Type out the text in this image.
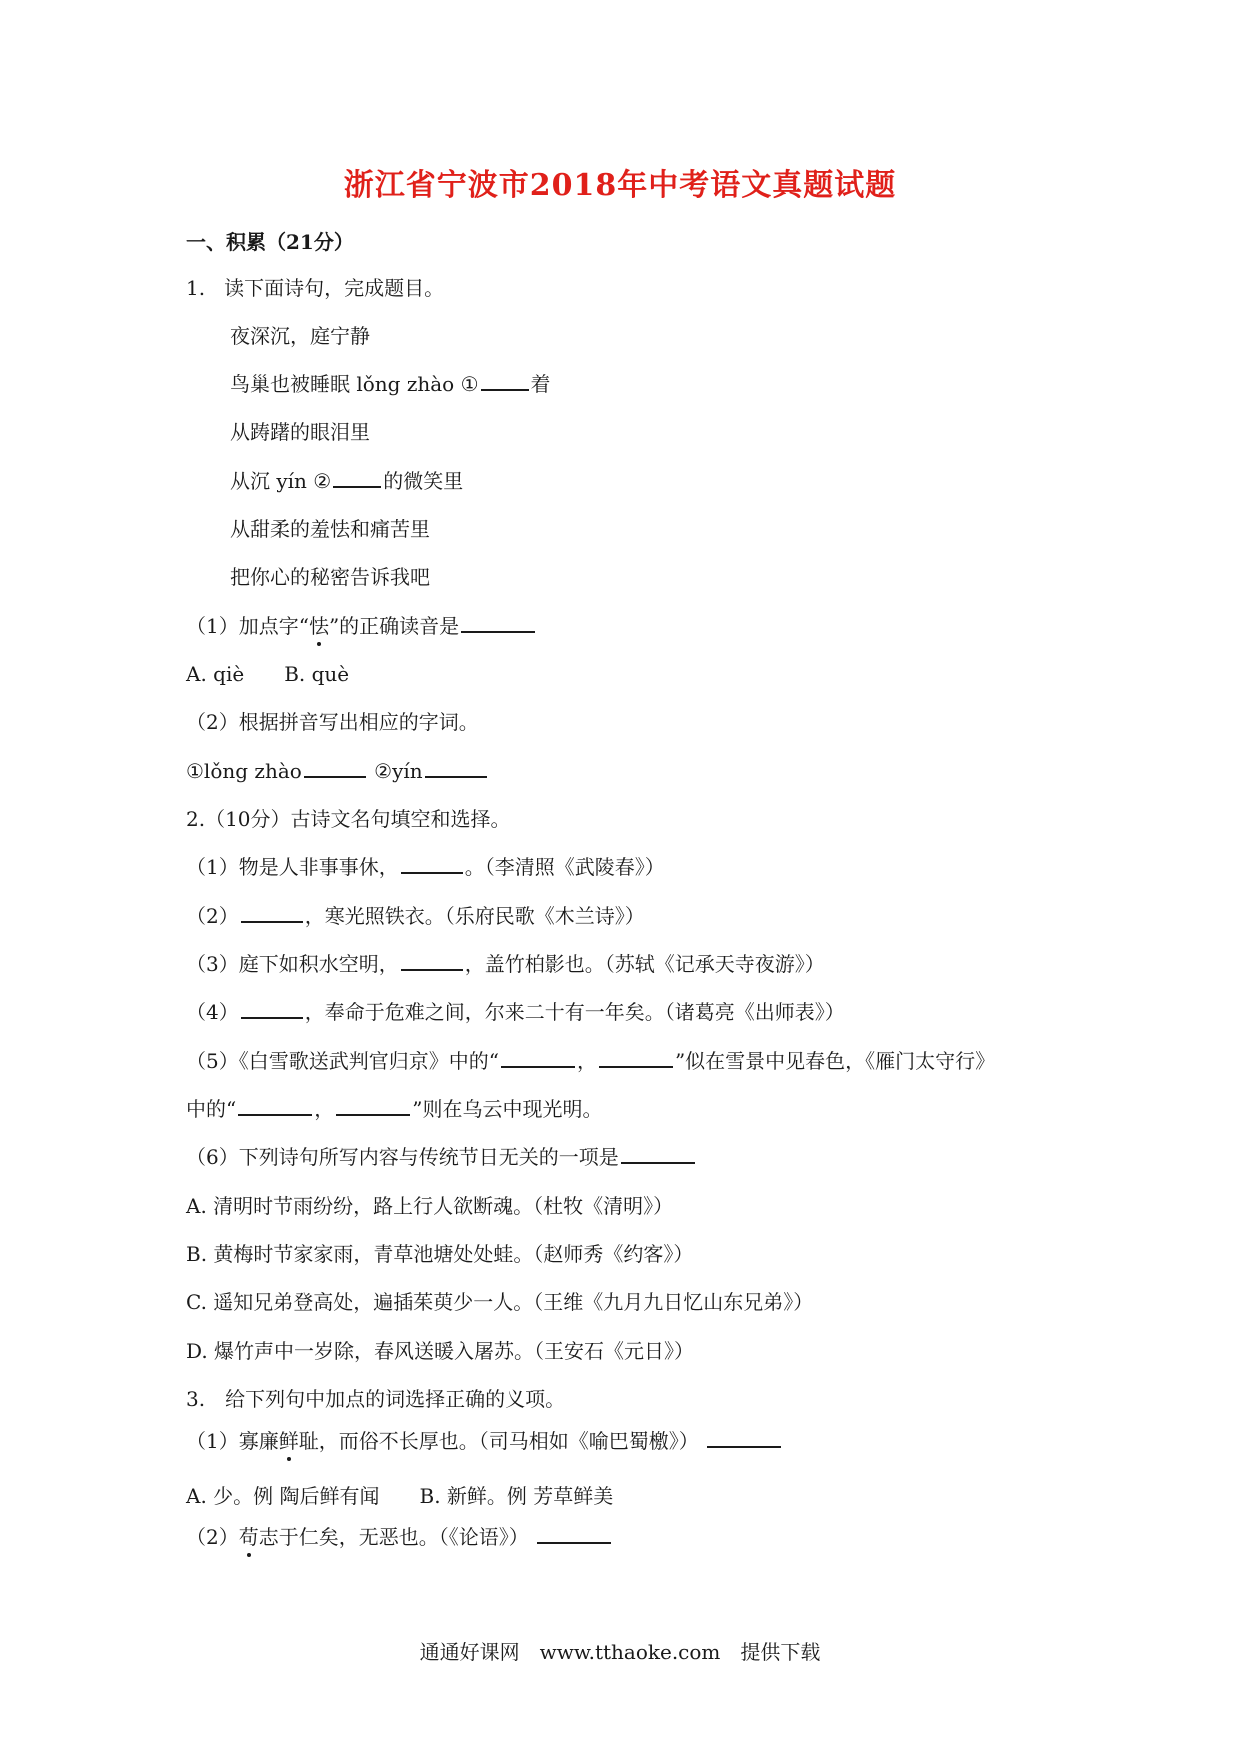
浙江省宁波市2018年中考语文真题试题
一、积累（21分）
1. 读下面诗句，完成题目。
夜深沉，庭宁静
鸟巢也被睡眠 lǒng zhào ①	着
从踌躇的眼泪里
从沉 yín ②	的微笑里
从甜柔的羞怯和痛苦里
把你心的秘密告诉我吧
（1）加点字“怯”的正确读音是
A. qiè　　B. què
（2）根据拼音写出相应的字词。
①lǒng zhào	②yín
2.（10分）古诗文名句填空和选择。
（1）物是人非事事休，	。（李清照《武陵春》）
（2）	，寒光照铁衣。（乐府民歌《木兰诗》）
（3）庭下如积水空明，	，盖竹柏影也。（苏轼《记承天寺夜游》）
（4）	，奉命于危难之间，尔来二十有一年矣。（诸葛亮《出师表》）
（5）《白雪歌送武判官归京》中的“	，	”似在雪景中见春色，《雁门太守行》
中的“	，	”则在乌云中现光明。
（6）下列诗句所写内容与传统节日无关的一项是
A. 清明时节雨纷纷，路上行人欲断魂。（杜牧《清明》）
B. 黄梅时节家家雨，青草池塘处处蛙。（赵师秀《约客》）
C. 遥知兄弟登高处，遍插茱萸少一人。（王维《九月九日忆山东兄弟》）
D. 爆竹声中一岁除，春风送暖入屠苏。（王安石《元日》）
3.　给下列句中加点的词选择正确的义项。
（1）寡廉鲜耻，而俗不长厚也。（司马相如《喻巴蜀檄》）
A. 少。例 陶后鲜有闻　　B. 新鲜。例 芳草鲜美
（2）苟志于仁矣，无恶也。（《论语》）
通通好课网　www.tthaoke.com　提供下载
